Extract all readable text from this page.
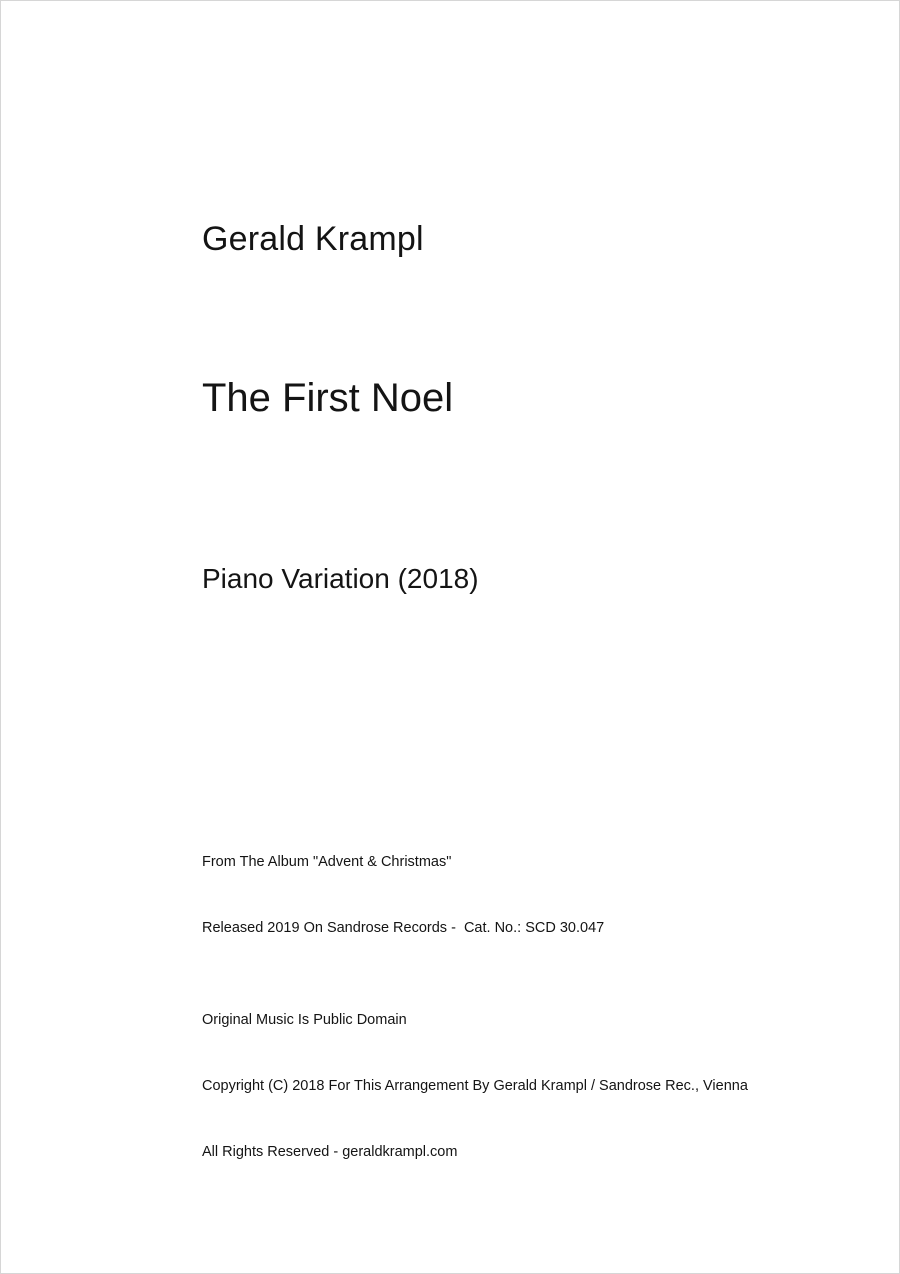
Gerald Krampl
The First Noel
Piano Variation (2018)

From The Album "Advent & Christmas"

Released 2019 On Sandrose Records -  Cat. No.: SCD 30.047

Original Music Is Public Domain

Copyright (C) 2018 For This Arrangement By Gerald Krampl / Sandrose Rec., Vienna

All Rights Reserved - geraldkrampl.com
